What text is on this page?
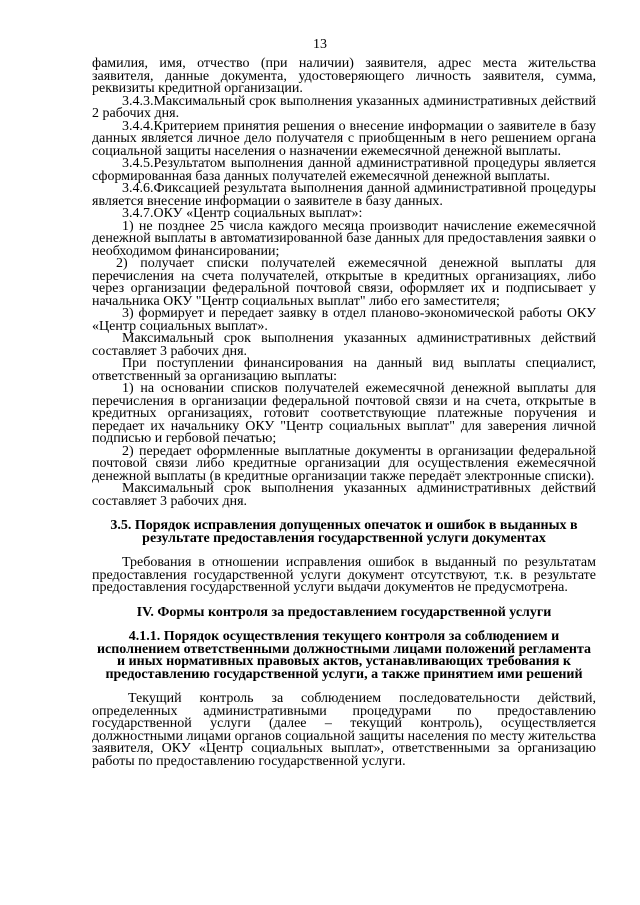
13

фамилия, имя, отчество (при наличии) заявителя, адрес места жительства заявителя, данные документа, удостоверяющего личность заявителя, сумма, реквизиты кредитной организации.

3.4.3.Максимальный срок выполнения указанных административных действий 2 рабочих дня.

3.4.4.Критерием принятия решения о внесение информации о заявителе в базу данных является личное дело получателя с приобщенным в него решением органа социальной защиты населения о назначении ежемесячной денежной выплаты.

3.4.5.Результатом выполнения данной административной процедуры является сформированная база данных получателей ежемесячной денежной выплаты.

3.4.6.Фиксацией результата выполнения данной административной процедуры является внесение информации о заявителе в базу данных.

3.4.7.ОКУ «Центр социальных выплат»:

1) не позднее 25 числа каждого месяца производит начисление ежемесячной денежной выплаты в автоматизированной базе данных для предоставления заявки о необходимом финансировании;

2) получает списки получателей ежемесячной денежной выплаты для перечисления на счета получателей, открытые в кредитных организациях, либо через организации федеральной почтовой связи, оформляет их и подписывает у начальника ОКУ "Центр социальных выплат" либо его заместителя;

3) формирует и передает заявку в отдел планово-экономической работы ОКУ «Центр социальных выплат».

Максимальный срок выполнения указанных административных действий составляет 3 рабочих дня.

При поступлении финансирования на данный вид выплаты специалист, ответственный за организацию выплаты:

1) на основании списков получателей ежемесячной денежной выплаты для перечисления в организации федеральной почтовой связи и на счета, открытые в кредитных организациях, готовит соответствующие платежные поручения и передает их начальнику ОКУ "Центр социальных выплат" для заверения личной подписью и гербовой печатью;

2) передает оформленные выплатные документы в организации федеральной почтовой связи либо кредитные организации для осуществления ежемесячной денежной выплаты (в кредитные организации также передаёт электронные списки).

Максимальный срок выполнения указанных административных действий составляет 3 рабочих дня.

3.5. Порядок исправления допущенных опечаток и ошибок в выданных в результате предоставления государственной услуги документах

Требования в отношении исправления ошибок в выданный по результатам предоставления государственной услуги документ отсутствуют, т.к. в результате предоставления государственной услуги выдачи документов не предусмотрена.

IV. Формы контроля за предоставлением государственной услуги
4.1.1. Порядок осуществления текущего контроля за соблюдением и исполнением ответственными должностными лицами положений регламента и иных нормативных правовых актов, устанавливающих требования к предоставлению государственной услуги, а также принятием ими решений

Текущий контроль за соблюдением последовательности действий, определенных административными процедурами по предоставлению государственной услуги (далее – текущий контроль), осуществляется должностными лицами органов социальной защиты населения по месту жительства заявителя, ОКУ «Центр социальных выплат», ответственными за организацию работы по предоставлению государственной услуги.
